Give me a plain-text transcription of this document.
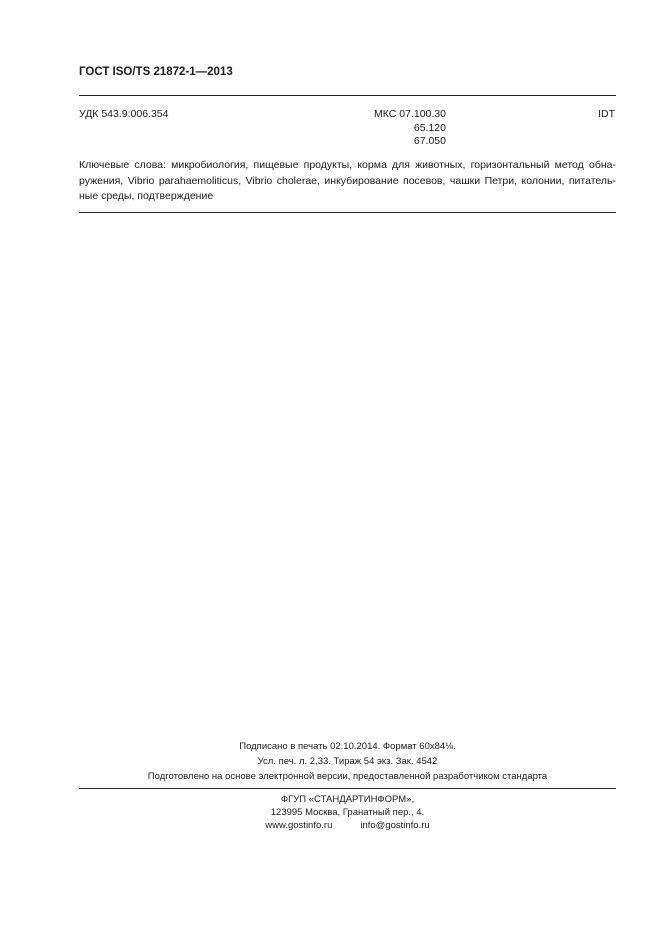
ГОСТ ISO/TS 21872-1—2013
УДК 543.9:006.354	МКС 07.100.30
65.120
67.050
IDT
Ключевые слова: микробиология, пищевые продукты, корма для животных, горизонтальный метод обна-
ружения, Vibrio parahaemoliticus, Vibrio cholerae, инкубирование посевов, чашки Петри, колонии, питатель-
ные среды, подтверждение
Подписано в печать 02.10.2014. Формат 60х84⅛.
Усл. печ. л. 2,33. Тираж 54 экз. Зак. 4542
Подготовлено на основе электронной версии, предоставленной разработчиком стандарта
ФГУП «СТАНДАРТИНФОРМ»,
123995 Москва, Гранатный пер., 4.
www.gostinfo.ru	info@gostinfo.ru
